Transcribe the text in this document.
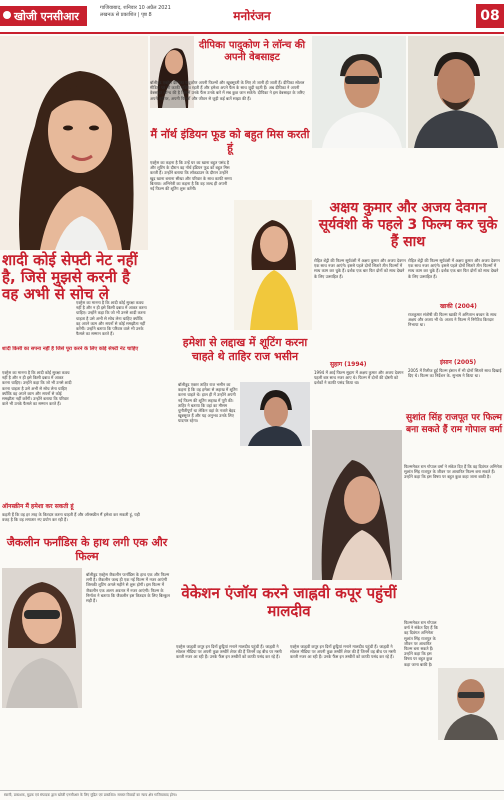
खोजी एनसीआर
गाजियाबाद, शनिवार 10 अप्रैल 2021
लखनऊ से प्रकाशित | पृष्ठ 8	मनोरंजन	08
दीपिका पादुकोण ने लॉन्च की अपनी वेबसाइट
बॉलीवुड एक्ट्रेस दीपिका पादुकोण अपनी फिल्मों और खूबसूरती के लिए तो जानी ही जाती हैं। दीपिका सोशल मीडिया पर भी काफी एक्टिव रहती हैं और हमेशा अपने फैंस के साथ जुड़ी रहती हैं। अब दीपिका ने अपनी वेबसाइट लॉन्च की है जिसमें उनके फैंस उनके बारे में सब कुछ जान सकेंगे। दीपिका ने इस वेबसाइट के जरिए अपने करियर, अपनी फिल्मों और जीवन से जुड़ी कई बातें साझा की हैं।
मैं नॉर्थ इंडियन फूड को बहुत मिस करती हूं
एक्ट्रेस का कहना है कि उन्हें घर का खाना बहुत पसंद है और शूटिंग के दौरान वह नॉर्थ इंडियन फूड को बहुत मिस करती हैं। उन्होंने बताया कि लॉकडाउन के दौरान उन्होंने खुद खाना बनाना सीखा और परिवार के साथ काफी समय बिताया। अभिनेत्री का कहना है कि वह जल्द ही अपनी नई फिल्म की शूटिंग शुरू करेंगी।
शादी कोई सेफ्टी नेट नहीं है, जिसे मुझसे करनी है वह अभी से सोच ले
शादी किसी का सपना नहीं है जिसे पूरा करने के लिए कोई सेफ्टी नेट चाहिए
एक्ट्रेस का मानना है कि शादी कोई सुरक्षा कवच नहीं है और न ही इसे किसी दबाव में आकर करना चाहिए। उन्होंने कहा कि जो भी उनसे शादी करना चाहता है उसे अभी से सोच लेना चाहिए क्योंकि वह अपने काम और सपनों से कोई समझौता नहीं करेंगी। उन्होंने बताया कि परिवार वाले भी उनके फैसले का सम्मान करते हैं।
एक्ट्रेस का मानना है कि शादी कोई सुरक्षा कवच नहीं है और न ही इसे किसी दबाव में आकर करना चाहिए। उन्होंने कहा कि जो भी उनसे शादी करना चाहता है उसे अभी से सोच लेना चाहिए क्योंकि वह अपने काम और सपनों से कोई समझौता नहीं करेंगी। उन्होंने बताया कि परिवार वाले भी उनके फैसले का सम्मान करते हैं।
ऑनस्क्रीन मैं हमेशा कर सकती हूं
कहती हैं कि वह हर तरह के किरदार करना चाहती हैं और ऑनस्क्रीन मैं हमेशा कर सकती हूं, यही वजह है कि वह लगातार नए प्रयोग कर रही हैं।
अक्षय कुमार और अजय देवगन सूर्यवंशी के पहले 3 फिल्म कर चुके हैं साथ
रोहित शेट्टी की फिल्म सूर्यवंशी में अक्षय कुमार और अजय देवगन एक साथ नजर आएंगे। इससे पहले दोनों सितारे तीन फिल्मों में साथ काम कर चुके हैं। दर्शक एक बार फिर दोनों को साथ देखने के लिए उत्साहित हैं।
रोहित शेट्टी की फिल्म सूर्यवंशी में अक्षय कुमार और अजय देवगन एक साथ नजर आएंगे। इससे पहले दोनों सितारे तीन फिल्मों में साथ काम कर चुके हैं। दर्शक एक बार फिर दोनों को साथ देखने के लिए उत्साहित हैं।
सुहाग (1994)
1994 में आई फिल्म सुहाग में अक्षय कुमार और अजय देवगन पहली बार साथ नजर आए थे। फिल्म में दोनों की दोस्ती को दर्शकों ने काफी पसंद किया था।
खाकी (2004)
राजकुमार संतोषी की फिल्म खाकी में अमिताभ बच्चन के साथ अक्षय और अजय भी थे। अजय ने फिल्म में निगेटिव किरदार निभाया था।
इंसान (2005)
2005 में रिलीज हुई फिल्म इंसान में भी दोनों सितारे साथ दिखाई दिए थे। फिल्म का निर्देशन के. सुभाष ने किया था।
हमेशा से लद्दाख में शूटिंग करना चाहते थे ताहिर राज भसीन
बॉलीवुड एक्टर ताहिर राज भसीन का कहना है कि वह हमेशा से लद्दाख में शूटिंग करना चाहते थे। हाल ही में उन्होंने अपनी नई फिल्म की शूटिंग लद्दाख में पूरी की। ताहिर ने बताया कि वहां का मौसम चुनौतीपूर्ण था लेकिन वहां के नजारे बेहद खूबसूरत हैं और यह अनुभव उनके लिए यादगार रहेगा।	सुशांत सिंह राजपूत पर फिल्म बना सकते हैं राम गोपाल वर्मा
फिल्ममेकर राम गोपाल वर्मा ने संकेत दिए हैं कि वह दिवंगत अभिनेता सुशांत सिंह राजपूत के जीवन पर आधारित फिल्म बना सकते हैं। उन्होंने कहा कि इस विषय पर बहुत कुछ कहा जाना बाकी है।
जैकलीन फर्नांडिस के हाथ लगी एक और फिल्म
बॉलीवुड एक्ट्रेस जैकलीन फर्नांडिस के हाथ एक और फिल्म लगी है। जैकलीन जल्द ही एक नई फिल्म में नजर आएंगी जिसकी शूटिंग अगले महीने से शुरू होगी। इस फिल्म में जैकलीन एक अलग अवतार में नजर आएंगी। फिल्म के निर्माता ने बताया कि जैकलीन इस किरदार के लिए बिल्कुल सही हैं।	वेकेशन एंजॉय करने जाह्नवी कपूर पहुंचीं मालदीव
एक्ट्रेस जाह्नवी कपूर इन दिनों छुट्टियां मनाने मालदीव पहुंची हैं। जाह्नवी ने सोशल मीडिया पर अपनी कुछ तस्वीरें शेयर की हैं जिनमें वह बीच पर मस्ती करती नजर आ रही हैं। उनके फैंस इन तस्वीरों को काफी पसंद कर रहे हैं।
एक्ट्रेस जाह्नवी कपूर इन दिनों छुट्टियां मनाने मालदीव पहुंची हैं। जाह्नवी ने सोशल मीडिया पर अपनी कुछ तस्वीरें शेयर की हैं जिनमें वह बीच पर मस्ती करती नजर आ रही हैं। उनके फैंस इन तस्वीरों को काफी पसंद कर रहे हैं।
फिल्ममेकर राम गोपाल वर्मा ने संकेत दिए हैं कि वह दिवंगत अभिनेता सुशांत सिंह राजपूत के जीवन पर आधारित फिल्म बना सकते हैं। उन्होंने कहा कि इस विषय पर बहुत कुछ कहा जाना बाकी है।
स्वामी, प्रकाशक, मुद्रक एवं संपादक द्वारा खोजी एनसीआर के लिए मुद्रित एवं प्रकाशित। समस्त विवादों का न्याय क्षेत्र गाजियाबाद होगा।
